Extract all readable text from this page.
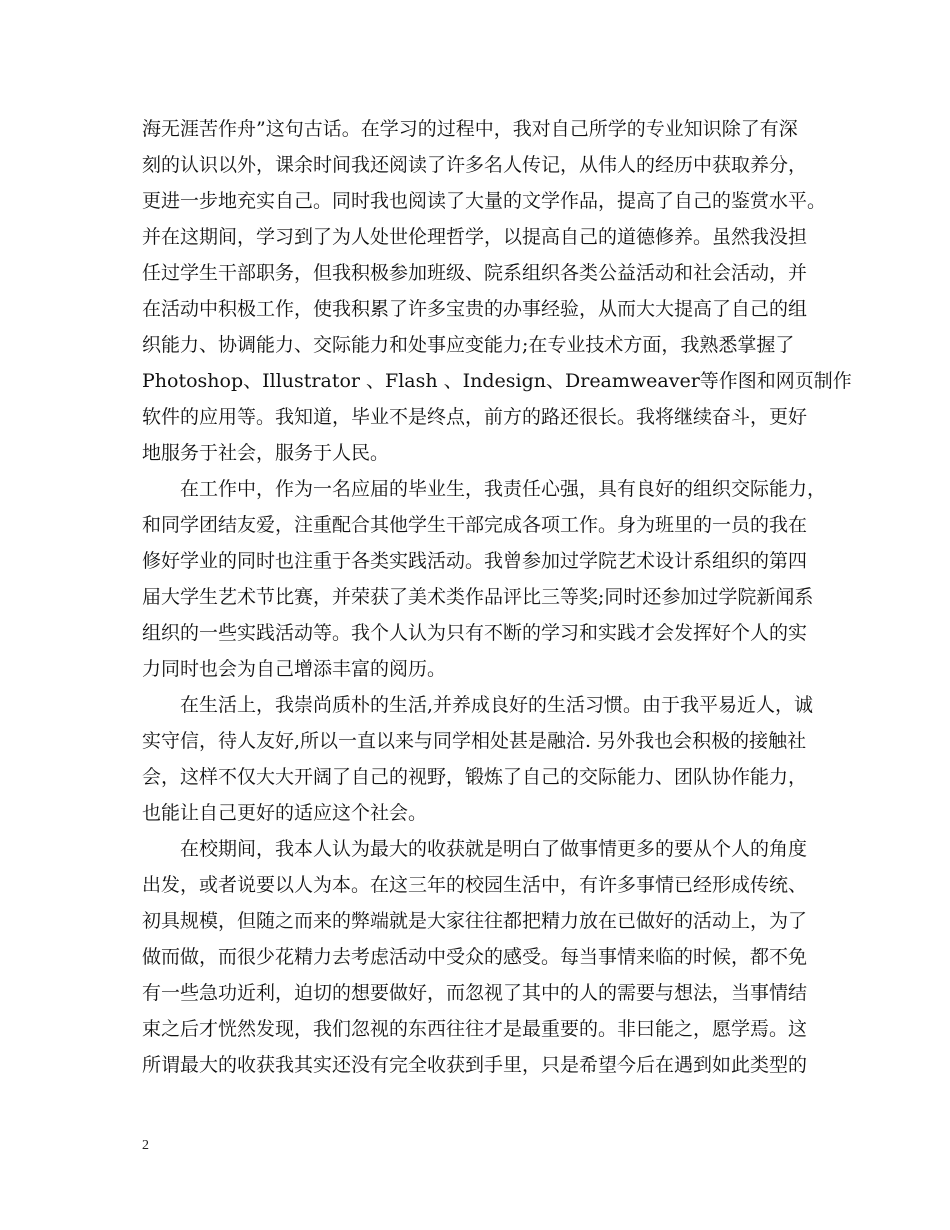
海无涯苦作舟”这句古话。在学习的过程中，我对自己所学的专业知识除了有深
刻的认识以外，课余时间我还阅读了许多名人传记，从伟人的经历中获取养分，
更进一步地充实自己。同时我也阅读了大量的文学作品，提高了自己的鉴赏水平。
并在这期间，学习到了为人处世伦理哲学，以提高自己的道德修养。虽然我没担
任过学生干部职务，但我积极参加班级、院系组织各类公益活动和社会活动，并
在活动中积极工作，使我积累了许多宝贵的办事经验，从而大大提高了自己的组
织能力、协调能力、交际能力和处事应变能力;在专业技术方面，我熟悉掌握了
Photoshop、Illustrator 、Flash 、Indesign、Dreamweaver等作图和网页制作
软件的应用等。我知道，毕业不是终点，前方的路还很长。我将继续奋斗，更好
地服务于社会，服务于人民。
在工作中，作为一名应届的毕业生，我责任心强，具有良好的组织交际能力，
和同学团结友爱，注重配合其他学生干部完成各项工作。身为班里的一员的我在
修好学业的同时也注重于各类实践活动。我曾参加过学院艺术设计系组织的第四
届大学生艺术节比赛，并荣获了美术类作品评比三等奖;同时还参加过学院新闻系
组织的一些实践活动等。我个人认为只有不断的学习和实践才会发挥好个人的实
力同时也会为自己增添丰富的阅历。
在生活上，我崇尚质朴的生活,并养成良好的生活习惯。由于我平易近人，诚
实守信，待人友好,所以一直以来与同学相处甚是融洽. 另外我也会积极的接触社
会，这样不仅大大开阔了自己的视野，锻炼了自己的交际能力、团队协作能力，
也能让自己更好的适应这个社会。
在校期间，我本人认为最大的收获就是明白了做事情更多的要从个人的角度
出发，或者说要以人为本。在这三年的校园生活中，有许多事情已经形成传统、
初具规模，但随之而来的弊端就是大家往往都把精力放在已做好的活动上，为了
做而做，而很少花精力去考虑活动中受众的感受。每当事情来临的时候，都不免
有一些急功近利，迫切的想要做好，而忽视了其中的人的需要与想法，当事情结
束之后才恍然发现，我们忽视的东西往往才是最重要的。非曰能之，愿学焉。这
所谓最大的收获我其实还没有完全收获到手里，只是希望今后在遇到如此类型的
2
